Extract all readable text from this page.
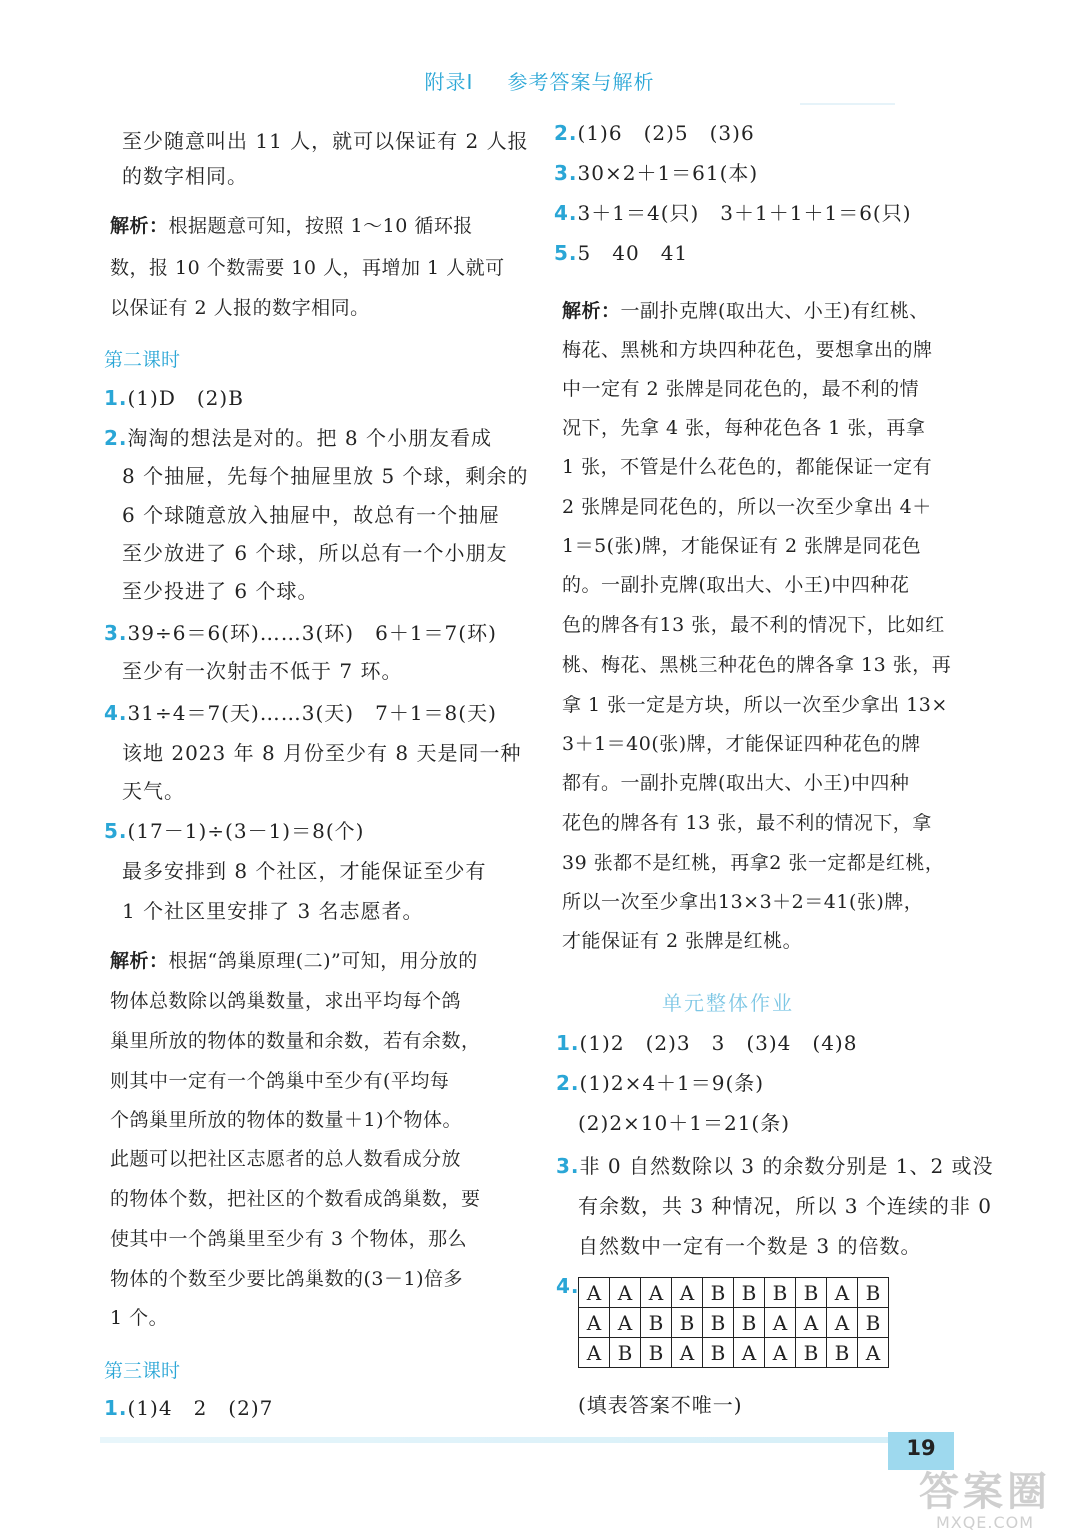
附录Ⅰ 参考答案与解析
至少随意叫出 11 人，就可以保证有 2 人报
的数字相同。
解析：根据题意可知，按照 1～10 循环报
数，报 10 个数需要 10 人，再增加 1 人就可
以保证有 2 人报的数字相同。
第二课时
1.(1)D　(2)B
2.淘淘的想法是对的。把 8 个小朋友看成
8 个抽屉，先每个抽屉里放 5 个球，剩余的
6 个球随意放入抽屉中，故总有一个抽屉
至少放进了 6 个球，所以总有一个小朋友
至少投进了 6 个球。
3.39÷6＝6(环)……3(环)　6＋1＝7(环)
至少有一次射击不低于 7 环。
4.31÷4＝7(天)……3(天)　7＋1＝8(天)
该地 2023 年 8 月份至少有 8 天是同一种
天气。
5.(17－1)÷(3－1)＝8(个)
最多安排到 8 个社区，才能保证至少有
1 个社区里安排了 3 名志愿者。
解析：根据“鸽巢原理(二)”可知，用分放的
物体总数除以鸽巢数量，求出平均每个鸽
巢里所放的物体的数量和余数，若有余数，
则其中一定有一个鸽巢中至少有(平均每
个鸽巢里所放的物体的数量＋1)个物体。
此题可以把社区志愿者的总人数看成分放
的物体个数，把社区的个数看成鸽巢数，要
使其中一个鸽巢里至少有 3 个物体，那么
物体的个数至少要比鸽巢数的(3－1)倍多
1 个。
第三课时
1.(1)4　2　(2)7
2.(1)6　(2)5　(3)6
3.30×2＋1＝61(本)
4.3＋1＝4(只)　3＋1＋1＋1＝6(只)
5.5　40　41
解析：一副扑克牌(取出大、小王)有红桃、
梅花、黑桃和方块四种花色，要想拿出的牌
中一定有 2 张牌是同花色的，最不利的情
况下，先拿 4 张，每种花色各 1 张，再拿
1 张，不管是什么花色的，都能保证一定有
2 张牌是同花色的，所以一次至少拿出 4＋
1＝5(张)牌，才能保证有 2 张牌是同花色
的。一副扑克牌(取出大、小王)中四种花
色的牌各有13 张，最不利的情况下，比如红
桃、梅花、黑桃三种花色的牌各拿 13 张，再
拿 1 张一定是方块，所以一次至少拿出 13×
3＋1＝40(张)牌，才能保证四种花色的牌
都有。一副扑克牌(取出大、小王)中四种
花色的牌各有 13 张，最不利的情况下，拿
39 张都不是红桃，再拿2 张一定都是红桃，
所以一次至少拿出13×3＋2＝41(张)牌，
才能保证有 2 张牌是红桃。
单元整体作业
1.(1)2　(2)3　3　(3)4　(4)8
2.(1)2×4＋1＝9(条)
(2)2×10＋1＝21(条)
3.非 0 自然数除以 3 的余数分别是 1、2 或没
有余数，共 3 种情况，所以 3 个连续的非 0
自然数中一定有一个数是 3 的倍数。
4. A	A	A	A	B	B	B	B	A	B
A	A	B	B	B	B	A	A	A	B
A	B	B	A	B	A	A	B	B	A
(填表答案不唯一)
19
答案圈
MXQE.COM
